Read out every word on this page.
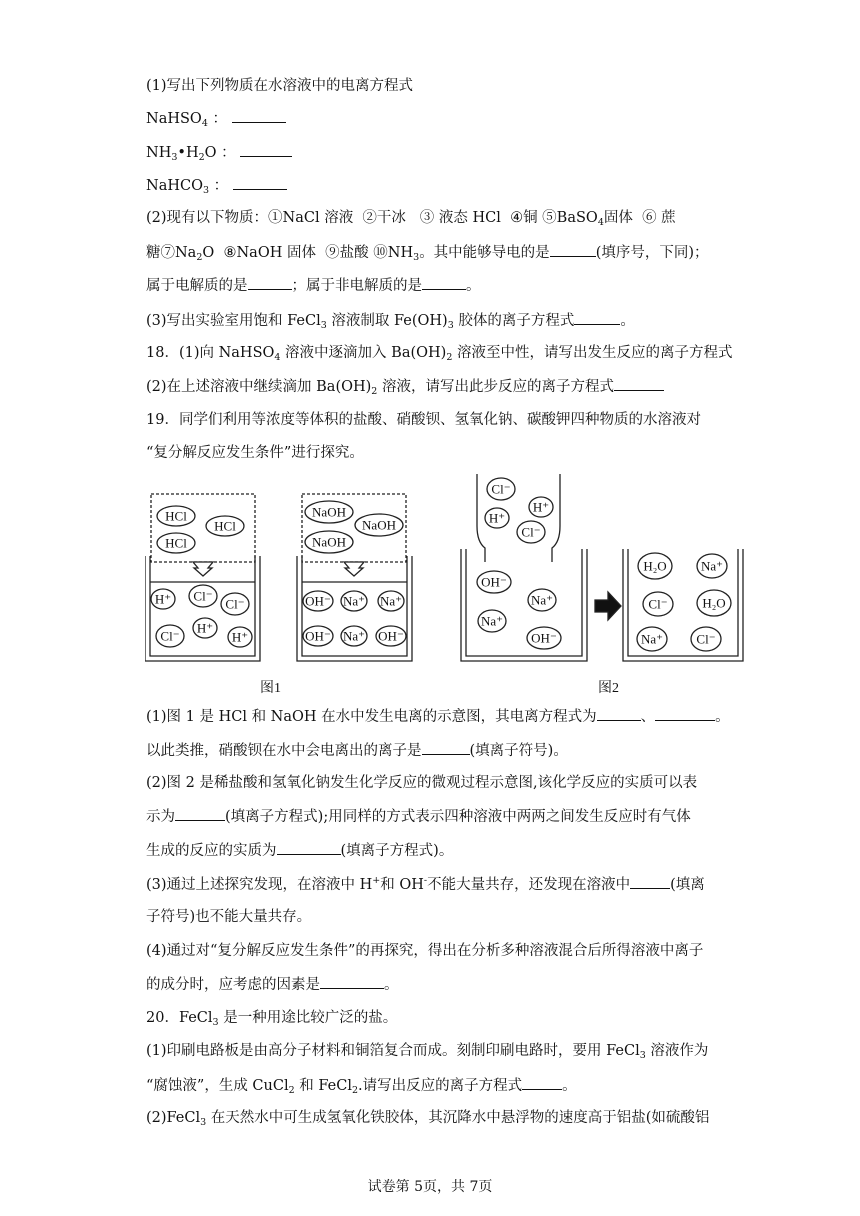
(1)写出下列物质在水溶液中的电离方程式
NaHSO$_4$ ：
$NH_3•H_2O$ ：
NaHCO$_3$ ：
(2)现有以下物质：①NaCl 溶液  ②干冰   ③ 液态 HCl  ④铜 ⑤BaSO$_4$固体  ⑥ 蔗
糖$⑦Na_2O$  ⑧NaOH 固体  ⑨盐酸 $⑩NH_3$。其中能够导电的是	(填序号，下同)；
属于电解质的是	；属于非电解质的是	。
(3)写出实验室用饱和 FeCl$_3$ 溶液制取 $Fe(OH)_3$ 胶体的离子方程式	。
18．(1)向 NaHSO$_4$ 溶液中逐滴加入 $Ba(OH)_2$ 溶液至中性，请写出发生反应的离子方程式
(2)在上述溶液中继续滴加 $Ba(OH)_2$ 溶液，请写出此步反应的离子方程式
19．同学们利用等浓度等体积的盐酸、硝酸钡、氢氧化钠、碳酸钾四种物质的水溶液对
“复分解反应发生条件”进行探究。
(1)图 1 是 HCl 和 NaOH 在水中发生电离的示意图，其电离方程式为	、	。
以此类推，硝酸钡在水中会电离出的离子是	(填离子符号)。
(2)图 2 是稀盐酸和氢氧化钠发生化学反应的微观过程示意图,该化学反应的实质可以表
示为	(填离子方程式);用同样的方式表示四种溶液中两两之间发生反应时有气体
生成的反应的实质为	(填离子方程式)。
(3)通过上述探究发现，在溶液中 H+和 OH-不能大量共存，还发现在溶液中	(填离
子符号)也不能大量共存。
(4)通过对“复分解反应发生条件”的再探究，得出在分析多种溶液混合后所得溶液中离子
的成分时，应考虑的因素是	。
20．FeCl$_3$ 是一种用途比较广泛的盐。
(1)印刷电路板是由高分子材料和铜箔复合而成。刻制印刷电路时，要用 FeCl$_3$ 溶液作为
“腐蚀液”，生成 CuCl$_2$ 和 FeCl$_2$.请写出反应的离子方程式	。
(2)FeCl$_3$ 在天然水中可生成氢氧化铁胶体，其沉降水中悬浮物的速度高于铝盐(如硫酸铝
HCl
HCl
HCl
H⁺ Cl⁻
Cl⁻
Cl⁻
H⁺
H⁺
NaOH
NaOH
NaOH
OH⁻ Na⁺ Na⁺
OH⁻ Na⁺ OH⁻
Cl⁻
H⁺
H⁺
Cl⁻
OH⁻
Na⁺
Na⁺
OH⁻
H₂O	Na⁺
Cl⁻	H₂O
Na⁺	Cl⁻
图1	图2
试卷第 5页，共 7页
